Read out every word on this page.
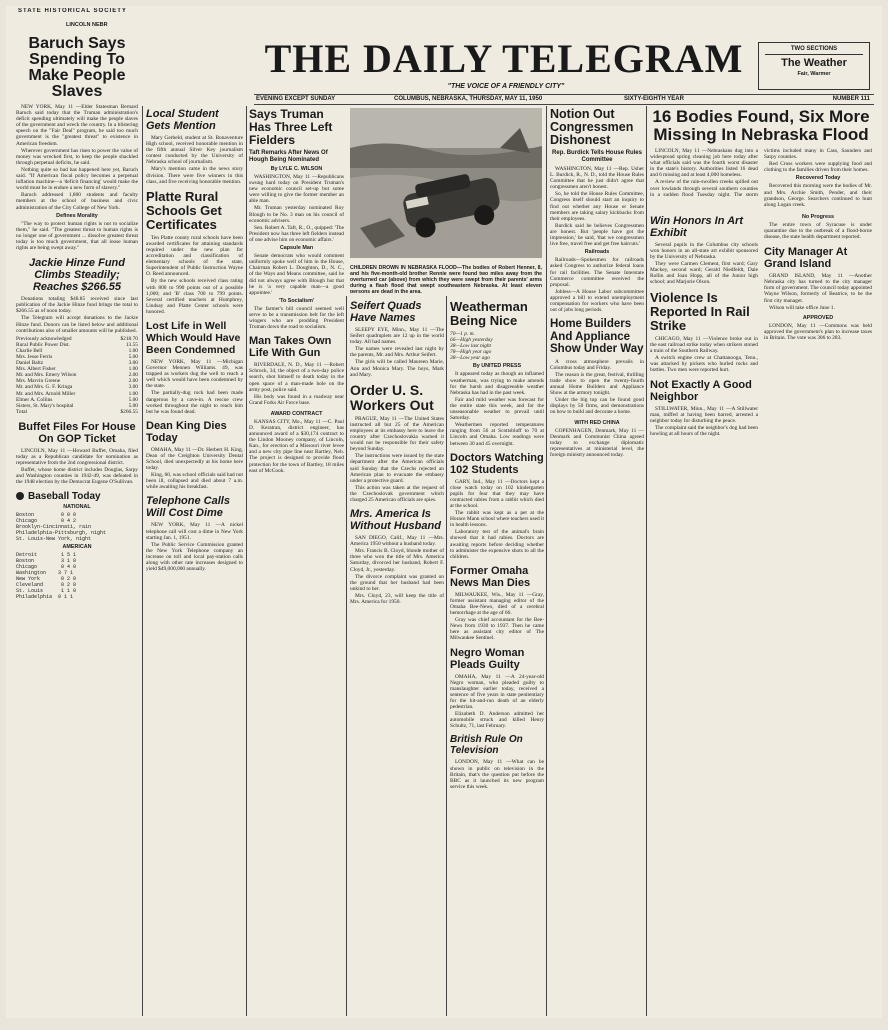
STATE HISTORICAL SOCIETY
LINCOLN NEBR
THE DAILY TELEGRAM
"THE VOICE OF A FRIENDLY CITY"
TWO SECTIONS
The Weather
Fair, Warmer
EVENING EXCEPT SUNDAY	COLUMBUS, NEBRASKA, THURSDAY, MAY 11, 1950	SIXTY-EIGHTH YEAR	NUMBER 111
Baruch Says Spending To Make People Slaves

NEW YORK, May 11 —Elder Statesman Bernard Baruch said today that the Truman administration's deficit spending ultimately will make the people slaves of the government and wreck the country. In a blistering speech on the "Fair Deal" program, he said too much government is the "greatest threat" to existence in American freedom.

Wherever government has risen to power the value of money was wrecked first, to keep the people shackled through perpetual deficits, he said.

Nothing quite so bad has happened here yet, Baruch said. "If American fiscal policy becomes a perpetual inflation machine—a 'deficit financing' would make the world must be in endure a new form of slavery."

Baruch addressed 1,800 students and faculty members at the school of business and civic administration of the City College of New York.

Defines Morality

"The way to protect human rights is not to socialize them," he said. "The greatest threat to human rights is no longer one of government ... dissolve greatest threat today is too much government, that all loose human rights are being swept away."

Jackie Hinze Fund Climbs Steadily; Reaches $266.55

Donations totaling $48.85 received since last publication of the Jackie Hinze fund brings the total to $266.55 as of noon today.

The Telegram will accept donations to the Jackie Hinze fund. Donors can be listed below and additional contributions also of smaller amounts will be published.

Previously acknowledged	$218.70
Rural Public Power Dist.	13.55
Charlie Bell	1.00
Mrs. Jesse Ferris	5.00
Daniel Baltz	3.00
Mrs. Albert Fisher	1.00
Mr. and Mrs. Emery Wilson	2.00
Mrs. Marvin Greene	2.00
Mr. and Mrs. G. F. Kringa	3.00
Mr. and Mrs. Arnold Miller	1.00
Elmer A. Collins	5.00
Sisters, St. Mary's hospital	5.00
Total	$266.55
Buffet Files For House On GOP Ticket

LINCOLN, May 11 —Howard Buffet, Omaha, filed today as a Republican candidate for nomination as representative from the 2nd congressional district.

Buffet, whose home district includes Douglas, Sarpy and Washington counties in 1942-49, was defeated in the 1948 election by the Democrat Eugene O'Sullivan.

Baseball Today
NATIONAL
Boston         0 0 0
Chicago        0 4 2
Brooklyn-Cincinnati, rain
Philadelphia-Pittsburgh, night
St. Louis-New York, night
AMERICAN
Detroit        1 5 1
Boston         3 1 0
Chicago        0 4 0
Washington    3 7 1
New York       0 2 0
Cleveland      0 2 0
St. Louis      1 1 0
Philadelphia  0 1 1
Local Student Gets Mention

Mary Gerbeld, student at St. Bonaventure High school, received honorable mention in the fifth annual Silver Key journalism contest conducted by the University of Nebraska school of journalism.

Mary's mention came in the news story division. There were five winners in this class, and five receiving honorable mention.

Platte Rural Schools Get Certificates

Ten Platte county rural schools have been awarded certificates for attaining standards required under the new plan for accreditation and classification of elementary schools of the state, Superintendent of Public Instruction Wayne O. Reed announced.

By the new schools received class rating with 800 to 990 points out of a possible 1,000; and 'B' class 700 to 799 points. Several certified teachers at Humphrey, Lindsay and Platte Center schools were honored.

Lost Life in Well Which Would Have Been Condemned

NEW YORK, May 11 —Michigan Governor Mennen Williams. 49, was trapped as workers dug the well to reach a well which would have been condemned by the state.

The partially-dug rock had been made dangerous by a cave-in. A rescue crew worked throughout the night to reach him but he was found dead.

Dean King Dies Today

OMAHA, May 11 —Dr. Herbert H. King, Dean of the Creighton University Dental School, died unexpectedly at his home here today.

King, 60, was school officials said had not been ill, collapsed and died about 7 a.m. while awaiting his breakfast.

Telephone Calls Will Cost Dime

NEW YORK, May 11 —A nickel telephone call will cost a dime in New York starting Jan. 1, 1951.

The Public Service Commission granted the New York Telephone company an increase on toll and local pay-station calls along with other rate increases designed to yield $49,000,000 annually.

Says Truman Has Three Left Fielders
Taft Remarks After News Of Hough Being Nominated
By LYLE C. WILSON

WASHINGTON, May 11 —Republicans swung hard today on President Truman's new economic council set-up but some were willing to give the former member an able man.

Mr. Truman yesterday nominated Roy Blough to be No. 3 man on his council of economic advisers.

Sen. Robert A. Taft, R., O., quipped: 'The President now has three left fielders instead of one advise him on economic affairs.'

Capsule Man

Senate democrats who would comment uniformly spoke well of him in the House, Chairman Robert L. Doughton, D., N. C., of the Ways and Means committee, said he did not always agree with Blough but that he is 'a very capable man—a good appointee.'

'To Socialism'

The farmer's bill council seemed well serve to be a transmission belt for the left wingers who are prodding President Truman down the road to socialism.

Man Takes Own Life With Gun

RIVERDALE, N. D., May 11 —Robert Schrock, 34, the object of a two-day police search, shot himself to death today in the open space of a man-made hole on the army post, police said.

His body was found in a roadway near Grand Forks Air Force base.

AWARD CONTRACT

KANSAS CITY, Mo., May 11 —C. Paul D. Keratran, district engineer, has announced award of a $30,174 contract to the Lindon Mooney company, of Lincoln, Kan., for erection of a Missouri river levee and a new city pipe line near Bartley, Neb. The project is designed to provide flood protection for the town of Bartley, 18 miles east of McCook.

CHILDREN DROWN IN NEBRASKA FLOOD—The bodies of Robert Henner, 8, and his five-month-old brother Rennie were found two miles away from the overturned car (above) from which they were swept from their parents' arms during a flash flood that swept southeastern Nebraska. At least eleven persons are dead in the area.
Seifert Quads Have Names

SLEEPY EYE, Minn., May 11 —The Seifert quadruplets are 12 up in the world today. All had names.

The names were revealed last night by the parents, Mr. and Mrs. Arthur Seifert.

The girls will be called Maureen Marie, Ann and Monica Mary. The boys, Mark and Mary.

Order U. S. Workers Out

PRAGUE, May 11 —The United States instructed all but 25 of the American employees at its embassy here to leave the country after Czechoslovakia warned it would not be responsible for their safety beyond Sunday.

The instructions were issued by the state department after the American officials said Sunday that the Czechs rejected an American plan to evacuate the embassy under a protective guard.

This action was taken at the request of the Czechoslovak government which charged 25 American officials are spies.

Mrs. America Is Without Husband

SAN DIEGO, Calif., May 11 —Mrs. America 1950 without a husband today.

Mrs. Francis B. Cloyd, blonde mother of three who won the title of Mrs. America Saturday, divorced her husband, Robert F. Cloyd, Jr., yesterday.

The divorce complaint was granted on the ground that her husband had been unkind to her.

Mrs. Cloyd, 23, will keep the title of Mrs. America for 1950.

Weatherman Being Nice
70—1 p. m.
66—High yesterday
38—Low last night
78—High year ago
38—Low year ago
By UNITED PRESS

It appeared today as though an inflamed weatherman, was trying to make amends for the harsh and disagreeable weather Nebraska has had in the past week.

Fair and mild weather was forecast for the entire state this week, and for the unseasonable weather to prevail until Saturday.

Weathermen reported temperatures ranging from 56 at Scottsbluff to 70 at Lincoln and Omaha. Low readings were between 30 and 45 overnight.

Doctors Watching 102 Students

GARY, Ind., May 11 —Doctors kept a close watch today on 102 kindergarten pupils for fear that they may have contracted rabies from a rabbit which died at the school.

The rabbit was kept as a pet at the Horace Mann school where teachers used it in health lessons.

Laboratory test of the animal's brain showed that it had rabies. Doctors are awaiting reports before deciding whether to administer the expensive shots to all the children.

Former Omaha News Man Dies

MILWAUKEE, Wis., May 11 —Gray, former assistant managing editor of the Omaha Bee-News, died of a cerebral hemorrhage at the age of 66.

Gray was chief accountant for the Bee-News from 1930 to 1937. Then he came here as assistant city editor of The Milwaukee Sentinel.

Negro Woman Pleads Guilty

OMAHA, May 11 —A 24-year-old Negro woman, who pleaded guilty to manslaughter earlier today, received a sentence of five years in state penitentiary for the hit-and-run death of an elderly pedestrian.

Elizabeth D. Anderson admitted her automobile struck and killed Henry Schultz, 71, last February.

British Rule On Television

LONDON, May 11 —What can be shown in public on television in the Britain, that's the question put before the BBC as it launched its new program service this week.

Notion Out Congressmen Dishonest
Rep. Burdick Tells House Rules Committee

WASHINGTON, May 11 —Rep. Usher L. Burdick, R., N. D., told the House Rules Committee that he just didn't agree that congressmen aren't honest.

So, he told the House Rules Committee, Congress itself should start an inquiry to find out whether any House or Senate members are taking salary kickbacks from their employees.

Burdick said he believes Congressmen are honest. But 'people have got the impression,' he said, 'that we congressmen live free, travel free and get free haircuts.'

Railroads

Railroads—Spokesmen for railroads asked Congress to authorize federal loans for rail facilities. The Senate Interstate Commerce committee received the proposal.

Jobless—A House Labor subcommittee approved a bill to extend unemployment compensation for workers who have been out of jobs long periods.

Home Builders And Appliance Show Under Way

A cross atmosphere prevails in Columbus today and Friday.

The reason is the great, festival, thrilling trade show to open the twenty-fourth annual Home Builders and Appliance Show at the armory tonight.

Under the big top can be found good displays by 50 firms, and demonstrations on how to build and decorate a home.

WITH RED CHINA

COPENHAGEN, Denmark, May 11 —Denmark and Communist China agreed today to exchange diplomatic representatives at ministerial level, the foreign ministry announced today.

16 Bodies Found, Six More Missing In Nebraska Flood

LINCOLN, May 11 —Nebraskans dug into a widespread spring cleaning job here today after what officials said was the fourth worst disaster in the state's history. Authorities listed 16 dead and 6 missing and at least 4,000 homeless.

A review of the rain-swollen creeks spilled out over lowlands through several southern counties in a sudden flood Tuesday night. The storm victims included many in Cass, Saunders and Sarpy counties.

Red Cross workers were supplying food and clothing to the families driven from their homes.

Recovered Today

Recovered this morning were the bodies of Mr. and Mrs. Archie Smith, Pender, and their grandson, George. Searchers continued to hunt along Logan creek.

Win Honors In Art Exhibit

Several pupils in the Columbus city schools won honors in an all-state art exhibit sponsored by the University of Nebraska.

They were Carmen Clement, first ward; Gary Mackey, second ward; Gerald Niedfeldt, Dale Rollin and Joan Hopp, all of the Junior high school; and Marjorie Olson.

Violence Is Reported In Rail Strike

CHICAGO, May 11 —Violence broke out in the east railroad strike today when strikers stoned a train of the Southern Railway.

A switch engine crew at Chattanooga, Tenn., was attacked by pickets who hurled rocks and bottles. Two men were reported hurt.

Not Exactly A Good Neighbor

STILLWATER, Minn., May 11 —A Stillwater man, miffed at having been barred, arrested a neighbor today for disturbing the peace.

The complaint said the neighbor's dog had been howling at all hours of the night.

No Progress

The entire town of Syracuse is under quarantine due to the outbreak of a flood-borne disease, the state health department reported.

City Manager At Grand Island

GRAND ISLAND, May 11 —Another Nebraska city has turned to the city manager form of government. The council today appointed Wayne Wilson, formerly of Beatrice, to be the first city manager.

Wilson will take office June 1.

APPROVED

LONDON, May 11 —Commons was held approved the government's plan to increase taxes in Britain. The vote was 306 to 283.
